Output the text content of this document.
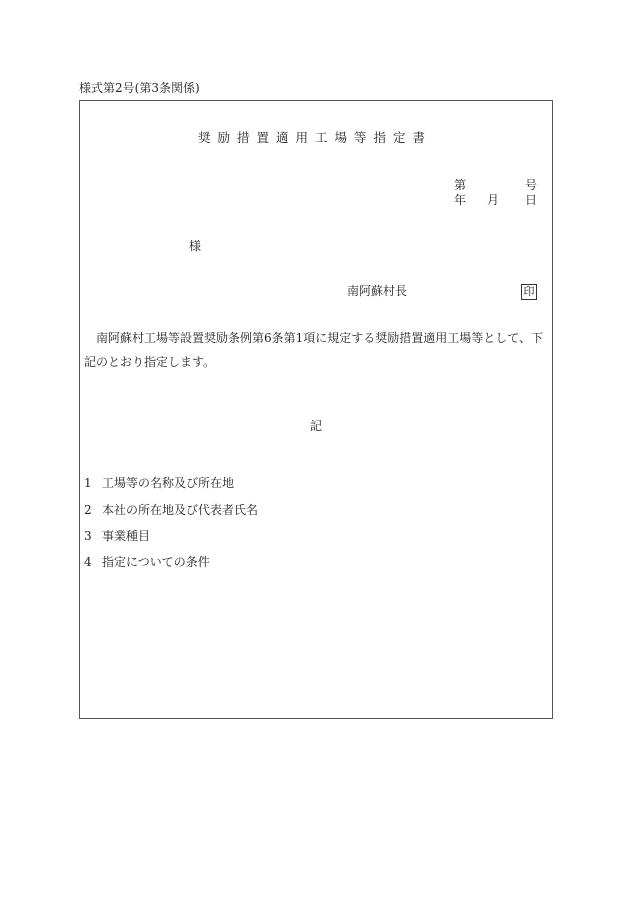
様式第2号(第3条関係)
奨励措置適用工場等指定書
第	号
年 月 日
様
南阿蘇村長	印
南阿蘇村工場等設置奨励条例第6条第1項に規定する奨励措置適用工場等として、下記のとおり指定します。
記
1 工場等の名称及び所在地
2 本社の所在地及び代表者氏名
3 事業種目
4 指定についての条件
